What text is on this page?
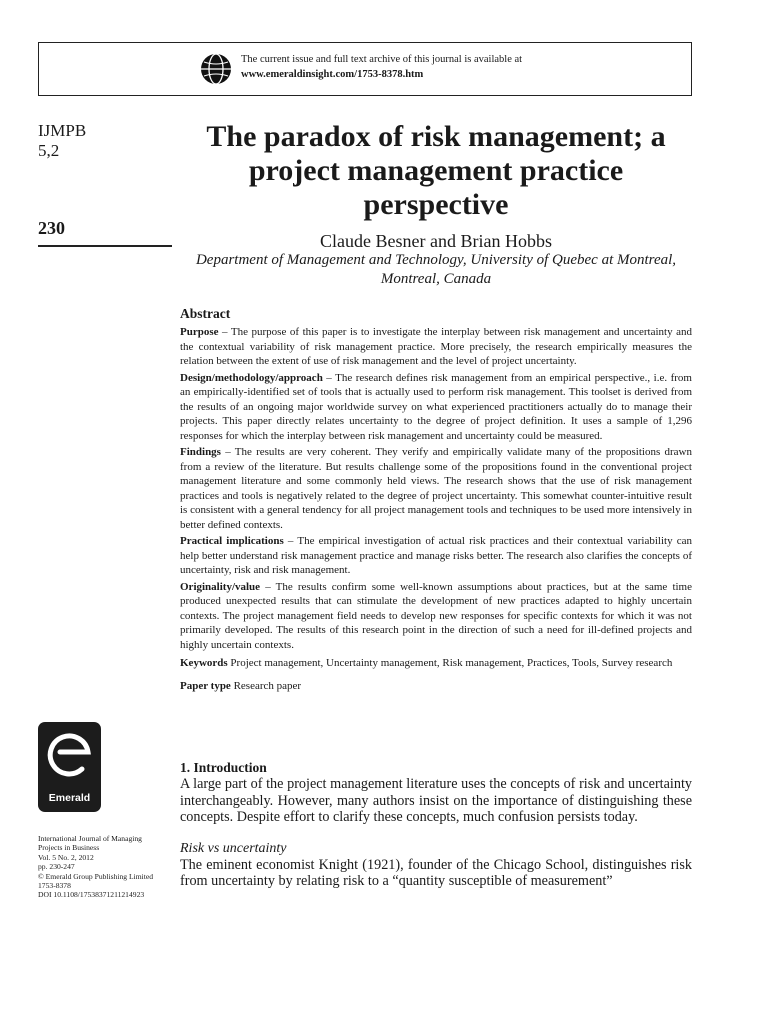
The current issue and full text archive of this journal is available at
www.emeraldinsight.com/1753-8378.htm
IJMPB
5,2
230
The paradox of risk management; a project management practice perspective
Claude Besner and Brian Hobbs
Department of Management and Technology, University of Quebec at Montreal, Montreal, Canada
Abstract

Purpose – The purpose of this paper is to investigate the interplay between risk management and uncertainty and the contextual variability of risk management practice. More precisely, the research empirically measures the relation between the extent of use of risk management and the level of project uncertainty.

Design/methodology/approach – The research defines risk management from an empirical perspective., i.e. from an empirically-identified set of tools that is actually used to perform risk management. This toolset is derived from the results of an ongoing major worldwide survey on what experienced practitioners actually do to manage their projects. This paper directly relates uncertainty to the degree of project definition. It uses a sample of 1,296 responses for which the interplay between risk management and uncertainty could be measured.

Findings – The results are very coherent. They verify and empirically validate many of the propositions drawn from a review of the literature. But results challenge some of the propositions found in the conventional project management literature and some commonly held views. The research shows that the use of risk management practices and tools is negatively related to the degree of project uncertainty. This somewhat counter-intuitive result is consistent with a general tendency for all project management tools and techniques to be used more intensively in better defined contexts.

Practical implications – The empirical investigation of actual risk practices and their contextual variability can help better understand risk management practice and manage risks better. The research also clarifies the concepts of uncertainty, risk and risk management.

Originality/value – The results confirm some well-known assumptions about practices, but at the same time produced unexpected results that can stimulate the development of new practices adapted to highly uncertain contexts. The project management field needs to develop new responses for specific contexts for which it was not primarily developed. The results of this research point in the direction of such a need for ill-defined projects and highly uncertain contexts.

Keywords Project management, Uncertainty management, Risk management, Practices, Tools, Survey research

Paper type Research paper

Emerald
International Journal of Managing
Projects in Business
Vol. 5 No. 2, 2012
pp. 230-247
© Emerald Group Publishing Limited
1753-8378
DOI 10.1108/17538371211214923
1. Introduction

A large part of the project management literature uses the concepts of risk and uncertainty interchangeably. However, many authors insist on the importance of distinguishing these concepts. Despite effort to clarify these concepts, much confusion persists today.

Risk vs uncertainty

The eminent economist Knight (1921), founder of the Chicago School, distinguishes risk from uncertainty by relating risk to a “quantity susceptible of measurement”
